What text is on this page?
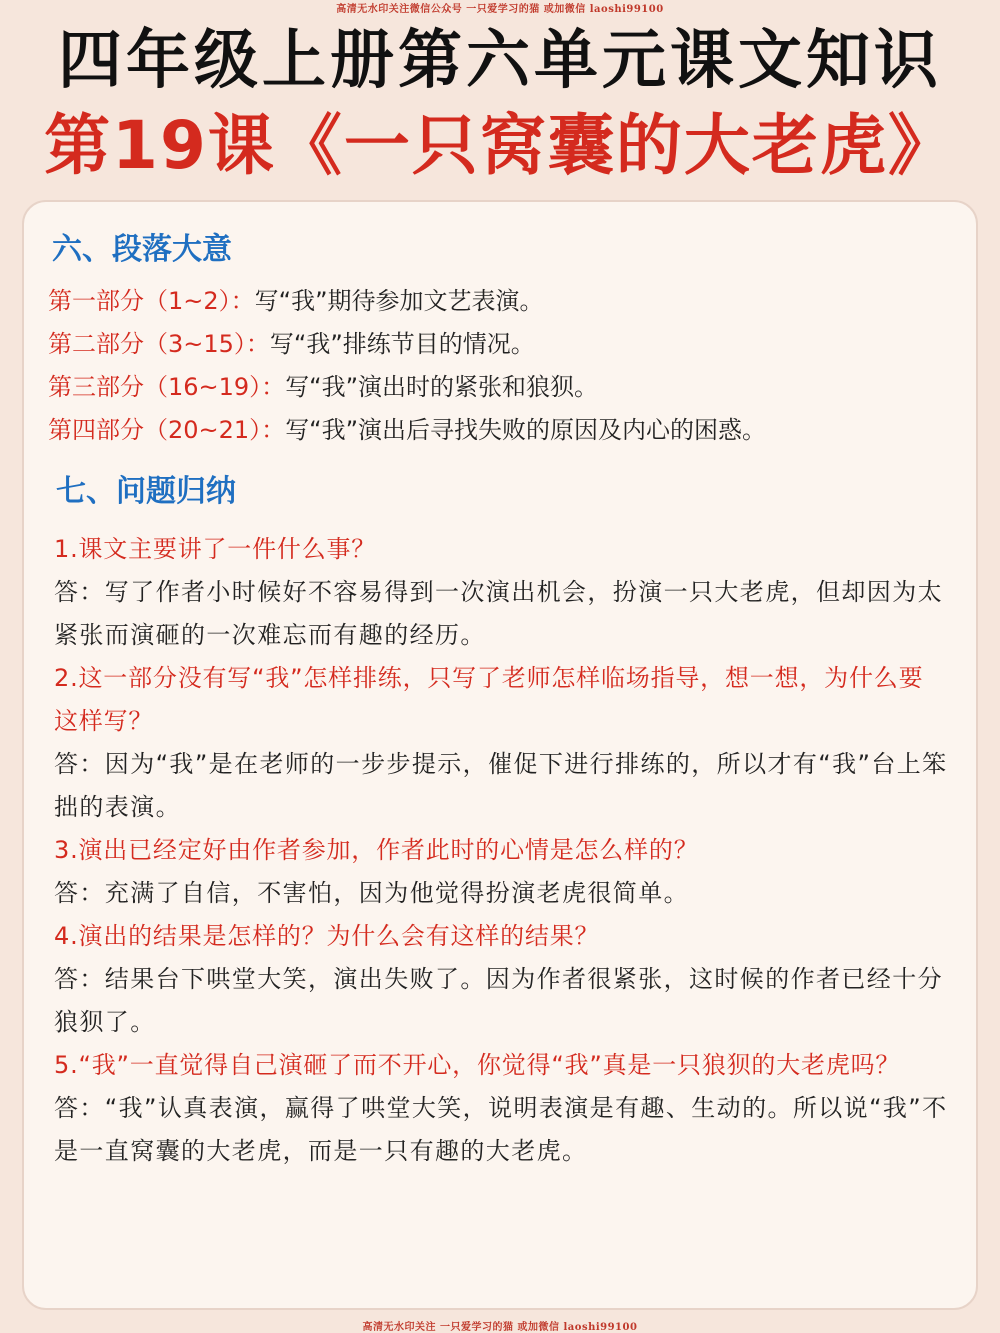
高清无水印关注微信公众号 一只爱学习的猫 或加微信 laoshi99100
四年级上册第六单元课文知识
第19课《一只窝囊的大老虎》
六、段落大意
第一部分（1~2）：写“我”期待参加文艺表演。
第二部分（3~15）：写“我”排练节目的情况。
第三部分（16~19）：写“我”演出时的紧张和狼狈。
第四部分（20~21）：写“我”演出后寻找失败的原因及内心的困惑。
七、问题归纳
1.课文主要讲了一件什么事？
答：写了作者小时候好不容易得到一次演出机会，扮演一只大老虎，但却因为太紧张而演砸的一次难忘而有趣的经历。
2.这一部分没有写“我”怎样排练，只写了老师怎样临场指导，想一想，为什么要这样写？
答：因为“我”是在老师的一步步提示，催促下进行排练的，所以才有“我”台上笨拙的表演。
3.演出已经定好由作者参加，作者此时的心情是怎么样的？
答：充满了自信，不害怕，因为他觉得扮演老虎很简单。
4.演出的结果是怎样的？为什么会有这样的结果？
答：结果台下哄堂大笑，演出失败了。因为作者很紧张，这时候的作者已经十分狼狈了。
5.“我”一直觉得自己演砸了而不开心，你觉得“我”真是一只狼狈的大老虎吗？
答：“我”认真表演，赢得了哄堂大笑，说明表演是有趣、生动的。所以说“我”不是一直窝囊的大老虎，而是一只有趣的大老虎。
高清无水印关注 一只爱学习的猫 或加微信 laoshi99100
